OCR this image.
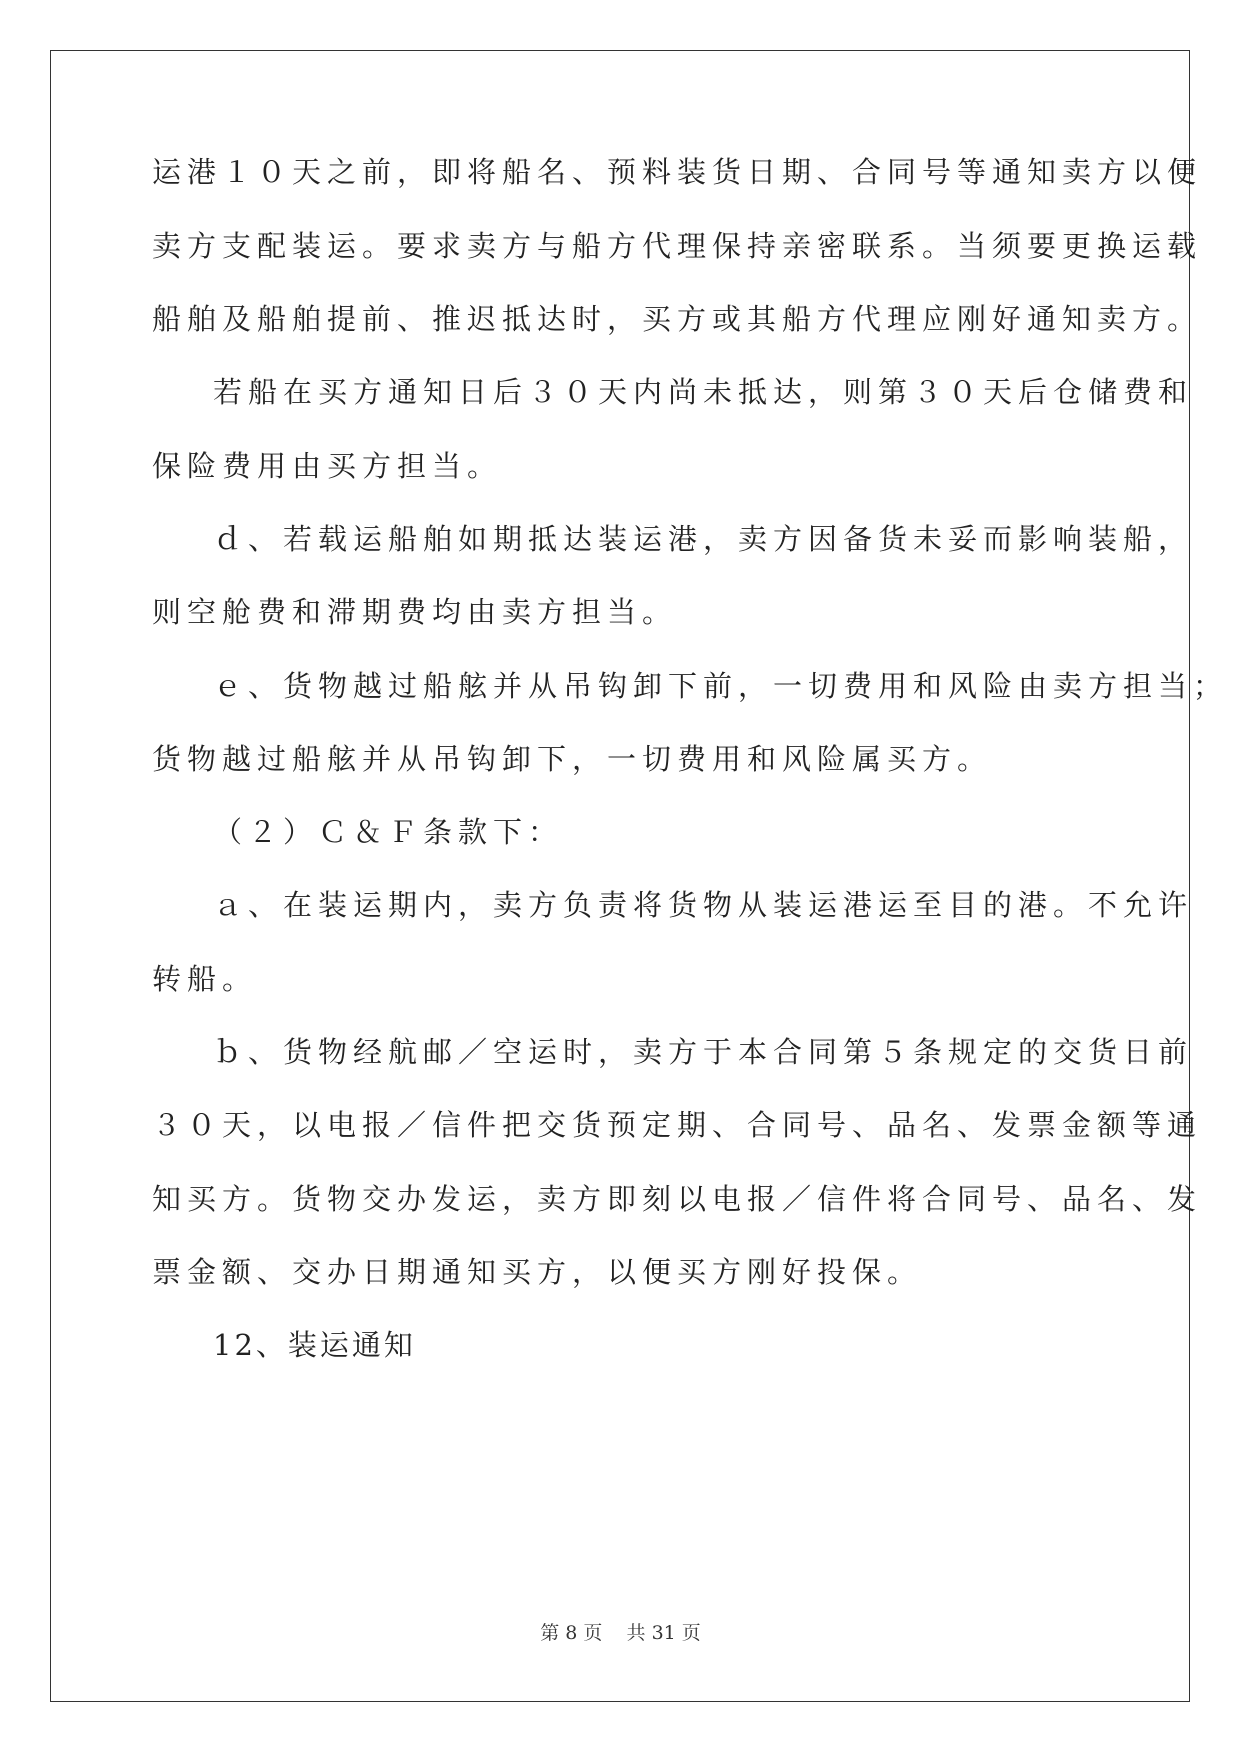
运港１０天之前，即将船名、预料装货日期、合同号等通知卖方以便
卖方支配装运。要求卖方与船方代理保持亲密联系。当须要更换运载
船舶及船舶提前、推迟抵达时，买方或其船方代理应刚好通知卖方。
若船在买方通知日后３０天内尚未抵达，则第３０天后仓储费和
保险费用由买方担当。
ｄ、若载运船舶如期抵达装运港，卖方因备货未妥而影响装船，
则空舱费和滞期费均由卖方担当。
ｅ、货物越过船舷并从吊钩卸下前，一切费用和风险由卖方担当；
货物越过船舷并从吊钩卸下，一切费用和风险属买方。
（２）Ｃ＆Ｆ条款下：
ａ、在装运期内，卖方负责将货物从装运港运至目的港。不允许
转船。
ｂ、货物经航邮／空运时，卖方于本合同第５条规定的交货日前
３０天，以电报／信件把交货预定期、合同号、品名、发票金额等通
知买方。货物交办发运，卖方即刻以电报／信件将合同号、品名、发
票金额、交办日期通知买方，以便买方刚好投保。
12、装运通知
第 8 页    共 31 页
